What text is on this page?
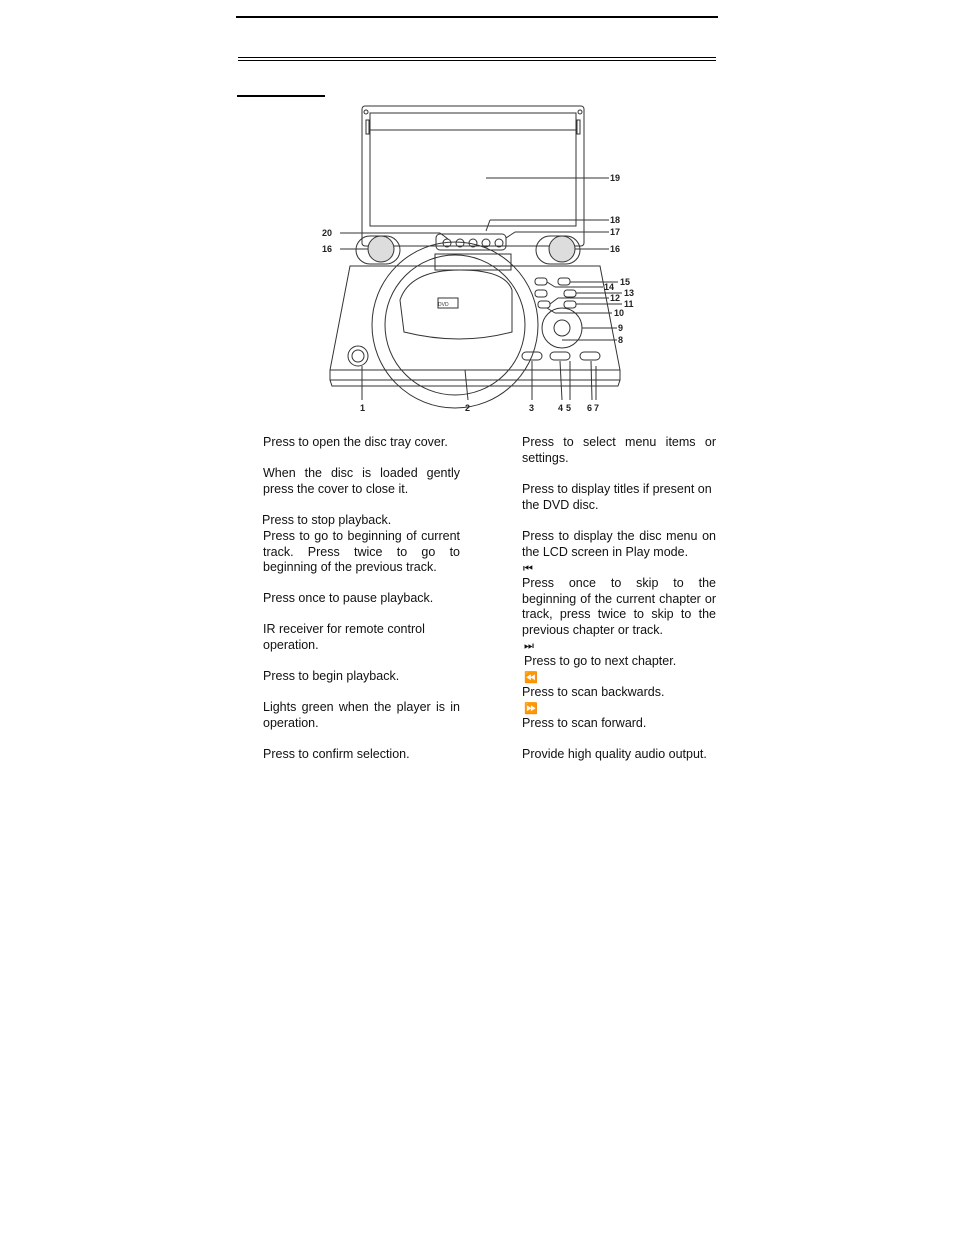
DVD
1	2	3	4 5 6 7
8
9
10
11
12 13
14 15
16	16
17
18
19
20

Press to open the disc tray cover.

When the disc is loaded gently press the cover to close it.

Press to stop playback.

Press to go to beginning of current track. Press twice to go to beginning of the previous track.

Press once to pause playback.

IR receiver for remote control operation.

Press to begin playback.

Lights green when the player is in operation.

Press to confirm selection.

Press to select menu items or settings.

Press to display titles if present on the DVD disc.

Press to display the disc menu on the LCD screen in Play mode.

⏮

Press once to skip to the beginning of the current chapter or track, press twice to skip to the previous chapter or track.

⏭

Press to go to next chapter.

⏪

Press to scan backwards.

⏩

Press to scan forward.

Provide high quality audio output.
